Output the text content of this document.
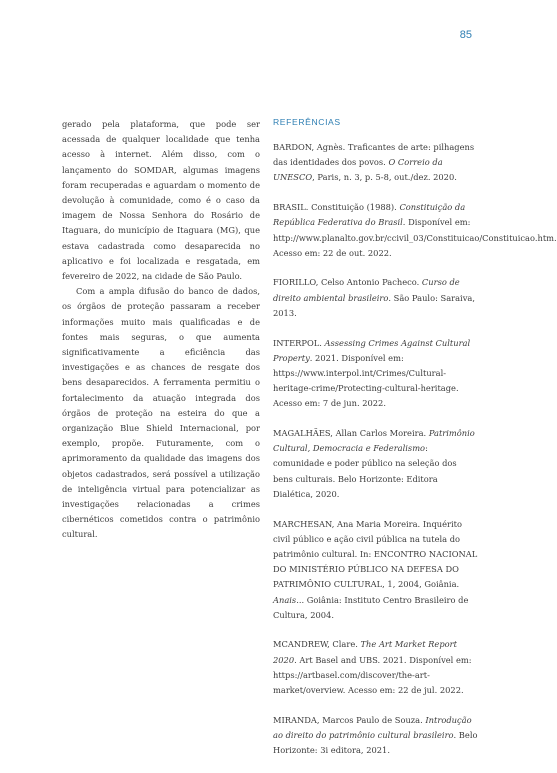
85

gerado pela plataforma, que pode ser acessada de qualquer localidade que tenha acesso à internet. Além disso, com o lançamento do SOMDAR, algumas imagens foram recuperadas e aguardam o momento de devolução à comunidade, como é o caso da imagem de Nossa Senhora do Rosário de Itaguara, do município de Itaguara (MG), que estava cadastrada como desaparecida no aplicativo e foi localizada e resgatada, em fevereiro de 2022, na cidade de São Paulo.

Com a ampla difusão do banco de dados, os órgãos de proteção passaram a receber informações muito mais qualificadas e de fontes mais seguras, o que aumenta significativamente a eficiência das investigações e as chances de resgate dos bens desaparecidos. A ferramenta permitiu o fortalecimento da atuação integrada dos órgãos de proteção na esteira do que a organização Blue Shield Internacional, por exemplo, propõe. Futuramente, com o aprimoramento da qualidade das imagens dos objetos cadastrados, será possível a utilização de inteligência virtual para potencializar as investigações relacionadas a crimes cibernéticos cometidos contra o patrimônio cultural.

REFERÊNCIAS

BARDON, Agnès. Traficantes de arte: pilhagens das identidades dos povos. O Correio da UNESCO, Paris, n. 3, p. 5-8, out./dez. 2020.

BRASIL. Constituição (1988). Constituição da República Federativa do Brasil. Disponível em: http://www.planalto.gov.br/ccivil_03/Constituicao/Constituicao.htm. Acesso em: 22 de out. 2022.

FIORILLO, Celso Antonio Pacheco. Curso de direito ambiental brasileiro. São Paulo: Saraiva, 2013.

INTERPOL. Assessing Crimes Against Cultural Property. 2021. Disponível em: https://www.interpol.int/Crimes/Cultural-heritage-crime/Protecting-cultural-heritage. Acesso em: 7 de jun. 2022.

MAGALHÃES, Allan Carlos Moreira. Patrimônio Cultural, Democracia e Federalismo: comunidade e poder público na seleção dos bens culturais. Belo Horizonte: Editora Dialética, 2020.

MARCHESAN, Ana Maria Moreira. Inquérito civil público e ação civil pública na tutela do patrimônio cultural. In: ENCONTRO NACIONAL DO MINISTÉRIO PÚBLICO NA DEFESA DO PATRIMÔNIO CULTURAL, 1, 2004, Goiânia. Anais... Goiânia: Instituto Centro Brasileiro de Cultura, 2004.

MCANDREW, Clare. The Art Market Report 2020. Art Basel and UBS. 2021. Disponível em: https://artbasel.com/discover/the-art-market/overview. Acesso em: 22 de jul. 2022.

MIRANDA, Marcos Paulo de Souza. Introdução ao direito do patrimônio cultural brasileiro. Belo Horizonte: 3i editora, 2021.
